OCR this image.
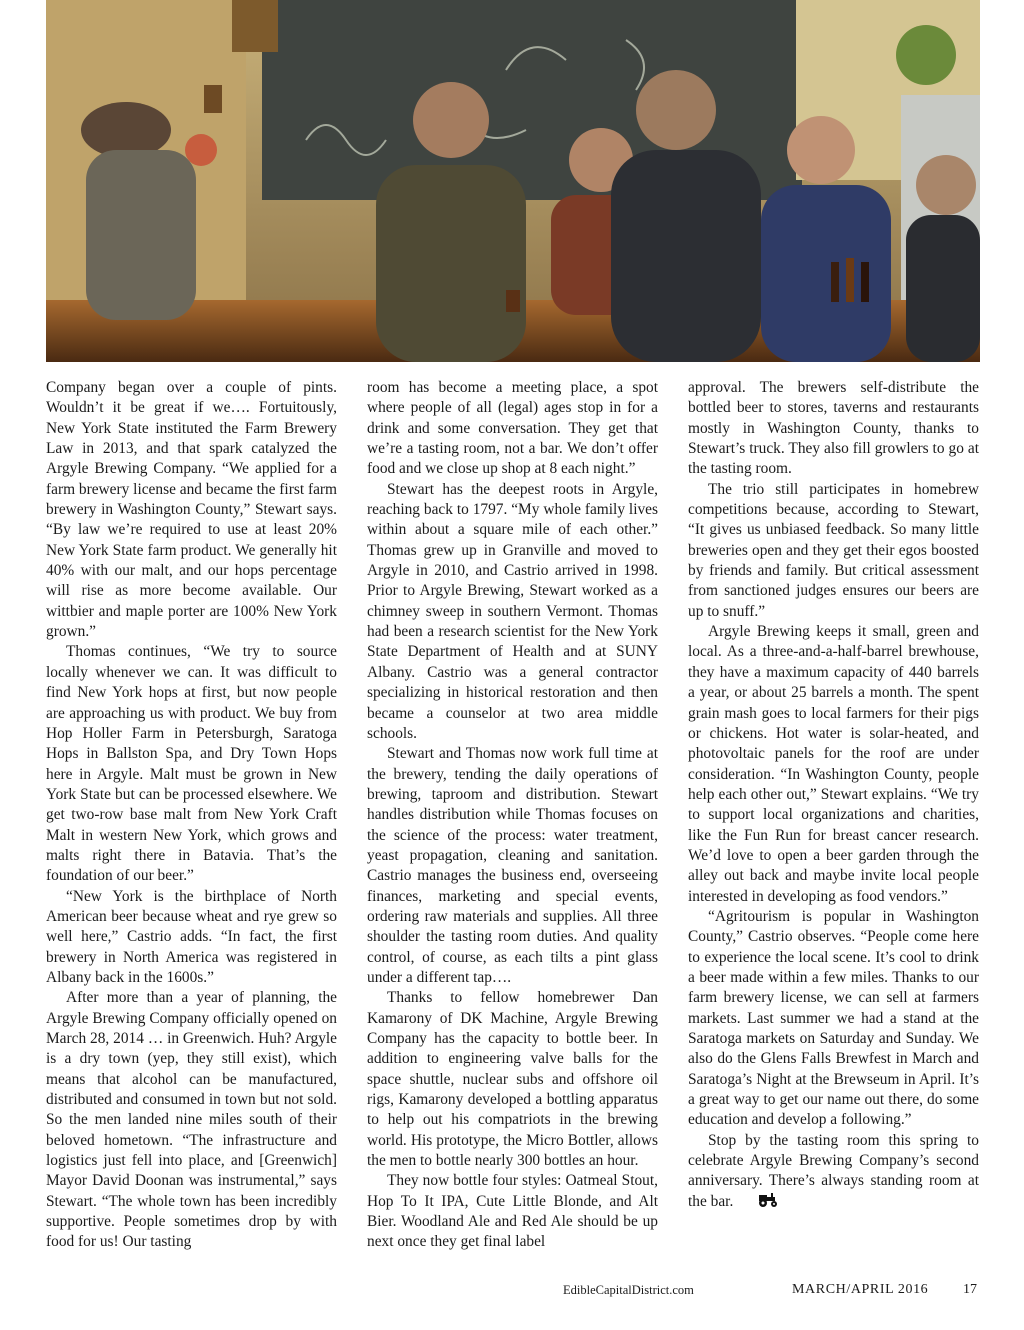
Company began over a couple of pints. Wouldn’t it be great if we…. Fortuitously, New York State instituted the Farm Brewery Law in 2013, and that spark catalyzed the Argyle Brewing Company. “We applied for a farm brewery license and became the first farm brewery in Washington County,” Stewart says. “By law we’re required to use at least 20% New York State farm product. We generally hit 40% with our malt, and our hops percentage will rise as more become available. Our wittbier and maple porter are 100% New York grown.”

Thomas continues, “We try to source locally whenever we can. It was difficult to find New York hops at first, but now people are approaching us with product. We buy from Hop Holler Farm in Petersburgh, Saratoga Hops in Ballston Spa, and Dry Town Hops here in Argyle. Malt must be grown in New York State but can be processed elsewhere. We get two-row base malt from New York Craft Malt in western New York, which grows and malts right there in Batavia. That’s the foundation of our beer.”

“New York is the birthplace of North American beer because wheat and rye grew so well here,” Castrio adds. “In fact, the first brewery in North America was registered in Albany back in the 1600s.”

After more than a year of planning, the Argyle Brewing Company officially opened on March 28, 2014 … in Greenwich. Huh? Argyle is a dry town (yep, they still exist), which means that alcohol can be manufactured, distributed and consumed in town but not sold. So the men landed nine miles south of their beloved hometown. “The infrastructure and logistics just fell into place, and [Greenwich] Mayor David Doonan was instrumental,” says Stewart. “The whole town has been incredibly supportive. People sometimes drop by with food for us! Our tasting

room has become a meeting place, a spot where people of all (legal) ages stop in for a drink and some conversation. They get that we’re a tasting room, not a bar. We don’t offer food and we close up shop at 8 each night.”

Stewart has the deepest roots in Argyle, reaching back to 1797. “My whole family lives within about a square mile of each other.” Thomas grew up in Granville and moved to Argyle in 2010, and Castrio arrived in 1998. Prior to Argyle Brewing, Stewart worked as a chimney sweep in southern Vermont. Thomas had been a research scientist for the New York State Department of Health and at SUNY Albany. Castrio was a general contractor specializing in historical restoration and then became a counselor at two area middle schools.

Stewart and Thomas now work full time at the brewery, tending the daily operations of brewing, taproom and distribution. Stewart handles distribution while Thomas focuses on the science of the process: water treatment, yeast propagation, cleaning and sanitation. Castrio manages the business end, overseeing finances, marketing and special events, ordering raw materials and supplies. All three shoulder the tasting room duties. And quality control, of course, as each tilts a pint glass under a different tap….

Thanks to fellow homebrewer Dan Kamarony of DK Machine, Argyle Brewing Company has the capacity to bottle beer. In addition to engineering valve balls for the space shuttle, nuclear subs and offshore oil rigs, Kamarony developed a bottling apparatus to help out his compatriots in the brewing world. His prototype, the Micro Bottler, allows the men to bottle nearly 300 bottles an hour.

They now bottle four styles: Oatmeal Stout, Hop To It IPA, Cute Little Blonde, and Alt Bier. Woodland Ale and Red Ale should be up next once they get final label

approval. The brewers self-distribute the bottled beer to stores, taverns and restaurants mostly in Washington County, thanks to Stewart’s truck. They also fill growlers to go at the tasting room.

The trio still participates in homebrew competitions because, according to Stewart, “It gives us unbiased feedback. So many little breweries open and they get their egos boosted by friends and family. But critical assessment from sanctioned judges ensures our beers are up to snuff.”

Argyle Brewing keeps it small, green and local. As a three-and-a-half-barrel brewhouse, they have a maximum capacity of 440 barrels a year, or about 25 barrels a month. The spent grain mash goes to local farmers for their pigs or chickens. Hot water is solar-heated, and photovoltaic panels for the roof are under consideration. “In Washington County, people help each other out,” Stewart explains. “We try to support local organizations and charities, like the Fun Run for breast cancer research. We’d love to open a beer garden through the alley out back and maybe invite local people interested in developing as food vendors.”

“Agritourism is popular in Washington County,” Castrio observes. “People come here to experience the local scene. It’s cool to drink a beer made within a few miles. Thanks to our farm brewery license, we can sell at farmers markets. Last summer we had a stand at the Saratoga markets on Saturday and Sunday. We also do the Glens Falls Brewfest in March and Saratoga’s Night at the Brewseum in April. It’s a great way to get our name out there, do some education and develop a following.”

Stop by the tasting room this spring to celebrate Argyle Brewing Company’s second anniversary. There’s always standing room at the bar.

EdibleCapitalDistrict.com	MARCH/APRIL 2016 17
